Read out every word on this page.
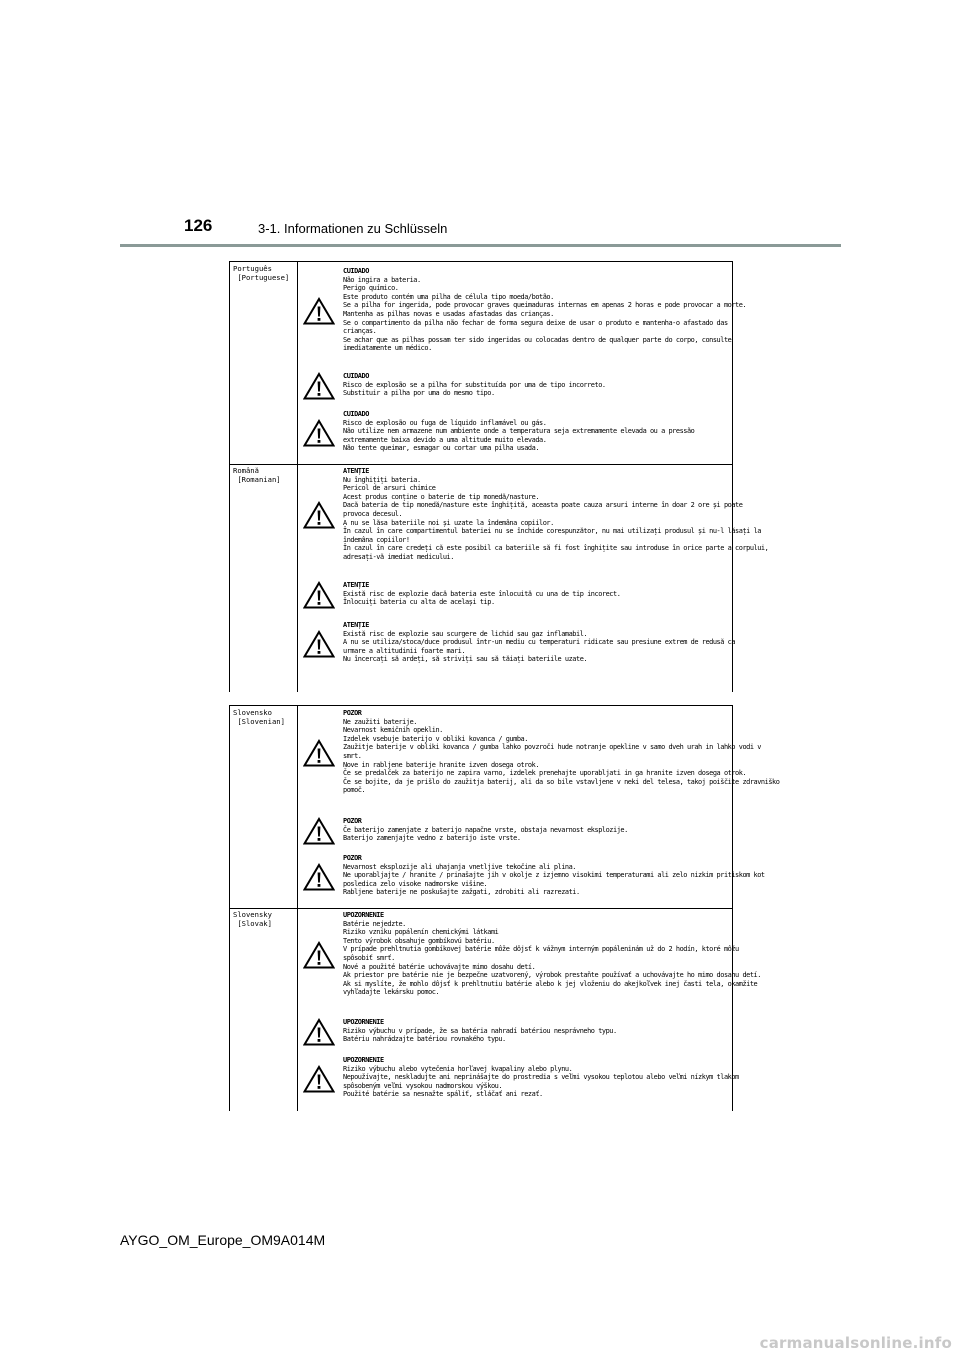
126	3-1. Informationen zu Schlüsseln
Português
[Portuguese]
CUIDADO
Não ingira a bateria.
Perigo químico.
Este produto contém uma pilha de célula tipo moeda/botão.
Se a pilha for ingerida, pode provocar graves queimaduras internas em apenas 2 horas e pode provocar a morte.
Mantenha as pilhas novas e usadas afastadas das crianças.
Se o compartimento da pilha não fechar de forma segura deixe de usar o produto e mantenha-o afastado das
crianças.
Se achar que as pilhas possam ter sido ingeridas ou colocadas dentro de qualquer parte do corpo, consulte
imediatamente um médico.
CUIDADO
Risco de explosão se a pilha for substituída por uma de tipo incorreto.
Substituir a pilha por uma do mesmo tipo.
CUIDADO
Risco de explosão ou fuga de líquido inflamável ou gás.
Não utilize nem armazene num ambiente onde a temperatura seja extremamente elevada ou a pressão
extremamente baixa devido a uma altitude muito elevada.
Não tente queimar, esmagar ou cortar uma pilha usada.
Română
[Romanian]
ATENȚIE
Nu înghițiți bateria.
Pericol de arsuri chimice
Acest produs conține o baterie de tip monedă/nasture.
Dacă bateria de tip monedă/nasture este înghițită, aceasta poate cauza arsuri interne în doar 2 ore și poate
provoca decesul.
A nu se lăsa bateriile noi și uzate la îndemâna copiilor.
În cazul în care compartimentul bateriei nu se închide corespunzător, nu mai utilizați produsul și nu-l lăsați la
îndemâna copiilor!
În cazul în care credeți că este posibil ca bateriile să fi fost înghițite sau introduse în orice parte a corpului,
adresați-vă imediat medicului.
ATENȚIE
Există risc de explozie dacă bateria este înlocuită cu una de tip incorect.
Înlocuiți bateria cu alta de același tip.
ATENȚIE
Există risc de explozie sau scurgere de lichid sau gaz inflamabil.
A nu se utiliza/stoca/duce produsul într-un mediu cu temperaturi ridicate sau presiune extrem de redusă ca
urmare a altitudinii foarte mari.
Nu încercați să ardeți, să striviți sau să tăiați bateriile uzate.
Slovensko
[Slovenian]
POZOR
Ne zaužiti baterije.
Nevarnost kemičnih opeklin.
Izdelek vsebuje baterijo v obliki kovanca / gumba.
Zaužitje baterije v obliki kovanca / gumba lahko povzroči hude notranje opekline v samo dveh urah in lahko vodi v
smrt.
Nove in rabljene baterije hranite izven dosega otrok.
Če se predalček za baterijo ne zapira varno, izdelek prenehajte uporabljati in ga hranite izven dosega otrok.
Če se bojite, da je prišlo do zaužitja baterij, ali da so bile vstavljene v neki del telesa, takoj poiščite zdravniško
pomoč.
POZOR
Če baterijo zamenjate z baterijo napačne vrste, obstaja nevarnost eksplozije.
Baterijo zamenjajte vedno z baterijo iste vrste.
POZOR
Nevarnost eksplozije ali uhajanja vnetljive tekočine ali plina.
Ne uporabljajte / hranite / prinašajte jih v okolje z izjemno visokimi temperaturami ali zelo nizkim pritiskom kot
posledica zelo visoke nadmorske višine.
Rabljene baterije ne poskušajte zažgati, zdrobiti ali razrezati.
Slovensky
[Slovak]
UPOZORNENIE
Batérie nejedzte.
Riziko vzniku popálenín chemickými látkami
Tento výrobok obsahuje gombíkovú batériu.
V prípade prehltnutia gombíkovej batérie môže dôjsť k vážnym interným popáleninám už do 2 hodín, ktoré môžu
spôsobiť smrť.
Nové a použité batérie uchovávajte mimo dosahu detí.
Ak priestor pre batérie nie je bezpečne uzatvorený, výrobok prestaňte používať a uchovávajte ho mimo dosahu detí.
Ak si myslíte, že mohlo dôjsť k prehltnutiu batérie alebo k jej vloženiu do akejkoľvek inej časti tela, okamžite
vyhľadajte lekársku pomoc.
UPOZORNENIE
Riziko výbuchu v prípade, že sa batéria nahradí batériou nesprávneho typu.
Batériu nahrádzajte batériou rovnakého typu.
UPOZORNENIE
Riziko výbuchu alebo vytečenia horľavej kvapaliny alebo plynu.
Nepoužívajte, neskladujte ani neprinášajte do prostredia s veľmi vysokou teplotou alebo veľmi nízkym tlakom
spôsobeným veľmi vysokou nadmorskou výškou.
Použité batérie sa nesnažte spáliť, stláčať ani rezať.
AYGO_OM_Europe_OM9A014M
carmanualsonline.info
